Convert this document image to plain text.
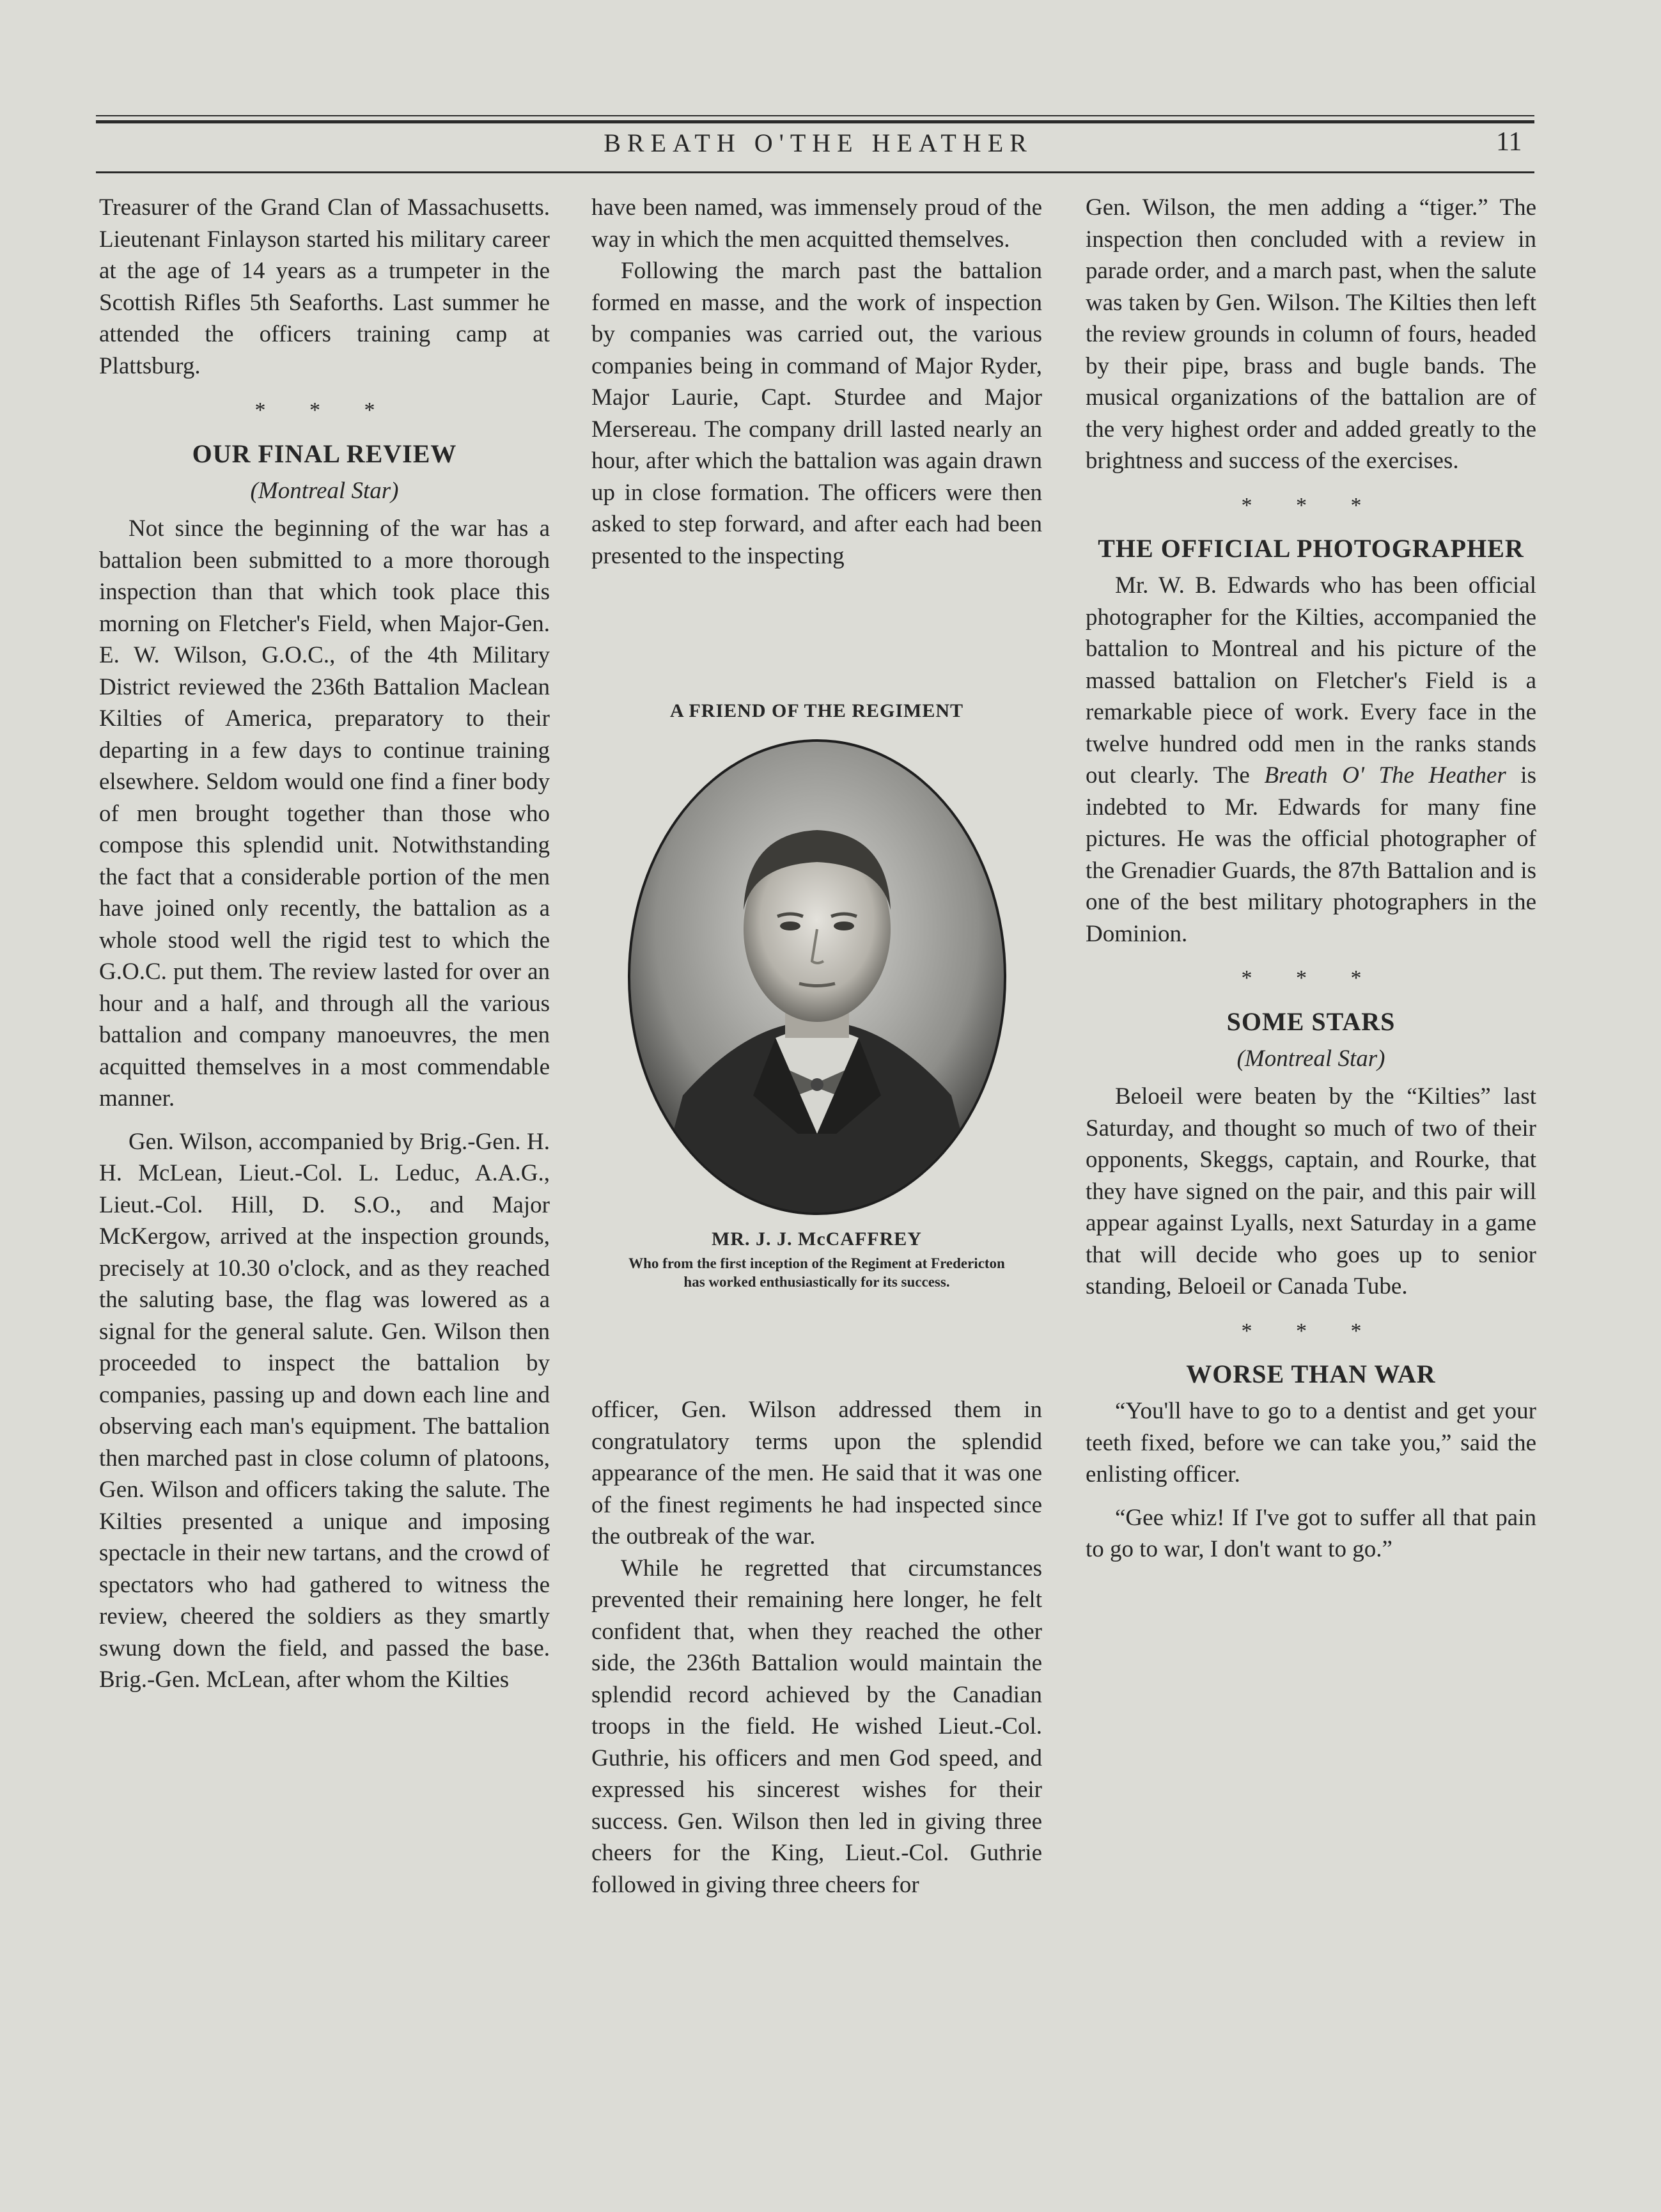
BREATH O'THE HEATHER	11

Treasurer of the Grand Clan of Massachusetts. Lieutenant Finlayson started his military career at the age of 14 years as a trumpeter in the Scottish Rifles 5th Seaforths. Last summer he attended the officers training camp at Plattsburg.

* * *
OUR FINAL REVIEW
(Montreal Star)

Not since the beginning of the war has a battalion been submitted to a more thorough inspection than that which took place this morning on Fletcher's Field, when Major-Gen. E. W. Wilson, G.O.C., of the 4th Military District reviewed the 236th Battalion Maclean Kilties of America, preparatory to their departing in a few days to continue training elsewhere. Seldom would one find a finer body of men brought together than those who compose this splendid unit. Notwithstanding the fact that a considerable portion of the men have joined only recently, the battalion as a whole stood well the rigid test to which the G.O.C. put them. The review lasted for over an hour and a half, and through all the various battalion and company manoeuvres, the men acquitted themselves in a most commendable manner.

Gen. Wilson, accompanied by Brig.-Gen. H. H. McLean, Lieut.-Col. L. Leduc, A.A.G., Lieut.-Col. Hill, D. S.O., and Major McKergow, arrived at the inspection grounds, precisely at 10.30 o'clock, and as they reached the saluting base, the flag was lowered as a signal for the general salute. Gen. Wilson then proceeded to inspect the battalion by companies, passing up and down each line and observing each man's equipment. The battalion then marched past in close column of platoons, Gen. Wilson and officers taking the salute. The Kilties presented a unique and imposing spectacle in their new tartans, and the crowd of spectators who had gathered to witness the review, cheered the soldiers as they smartly swung down the field, and passed the base. Brig.-Gen. McLean, after whom the Kilties

have been named, was immensely proud of the way in which the men acquitted themselves.

Following the march past the battalion formed en masse, and the work of inspection by companies was carried out, the various companies being in command of Major Ryder, Major Laurie, Capt. Sturdee and Major Mersereau. The company drill lasted nearly an hour, after which the battalion was again drawn up in close formation. The officers were then asked to step forward, and after each had been presented to the inspecting

A FRIEND OF THE REGIMENT
MR. J. J. McCAFFREY
Who from the first inception of the Regiment at Fredericton has worked enthusiastically for its success.

officer, Gen. Wilson addressed them in congratulatory terms upon the splendid appearance of the men. He said that it was one of the finest regiments he had inspected since the outbreak of the war.

While he regretted that circumstances prevented their remaining here longer, he felt confident that, when they reached the other side, the 236th Battalion would maintain the splendid record achieved by the Canadian troops in the field. He wished Lieut.-Col. Guthrie, his officers and men God speed, and expressed his sincerest wishes for their success. Gen. Wilson then led in giving three cheers for the King, Lieut.-Col. Guthrie followed in giving three cheers for

Gen. Wilson, the men adding a “tiger.” The inspection then concluded with a review in parade order, and a march past, when the salute was taken by Gen. Wilson. The Kilties then left the review grounds in column of fours, headed by their pipe, brass and bugle bands. The musical organizations of the battalion are of the very highest order and added greatly to the brightness and success of the exercises.

* * *
THE OFFICIAL PHOTOGRAPHER

Mr. W. B. Edwards who has been official photographer for the Kilties, accompanied the battalion to Montreal and his picture of the massed battalion on Fletcher's Field is a remarkable piece of work. Every face in the twelve hundred odd men in the ranks stands out clearly. The Breath O' The Heather is indebted to Mr. Edwards for many fine pictures. He was the official photographer of the Grenadier Guards, the 87th Battalion and is one of the best military photographers in the Dominion.

* * *
SOME STARS
(Montreal Star)

Beloeil were beaten by the “Kilties” last Saturday, and thought so much of two of their opponents, Skeggs, captain, and Rourke, that they have signed on the pair, and this pair will appear against Lyalls, next Saturday in a game that will decide who goes up to senior standing, Beloeil or Canada Tube.

* * *
WORSE THAN WAR

“You'll have to go to a dentist and get your teeth fixed, before we can take you,” said the enlisting officer.

“Gee whiz! If I've got to suffer all that pain to go to war, I don't want to go.”
